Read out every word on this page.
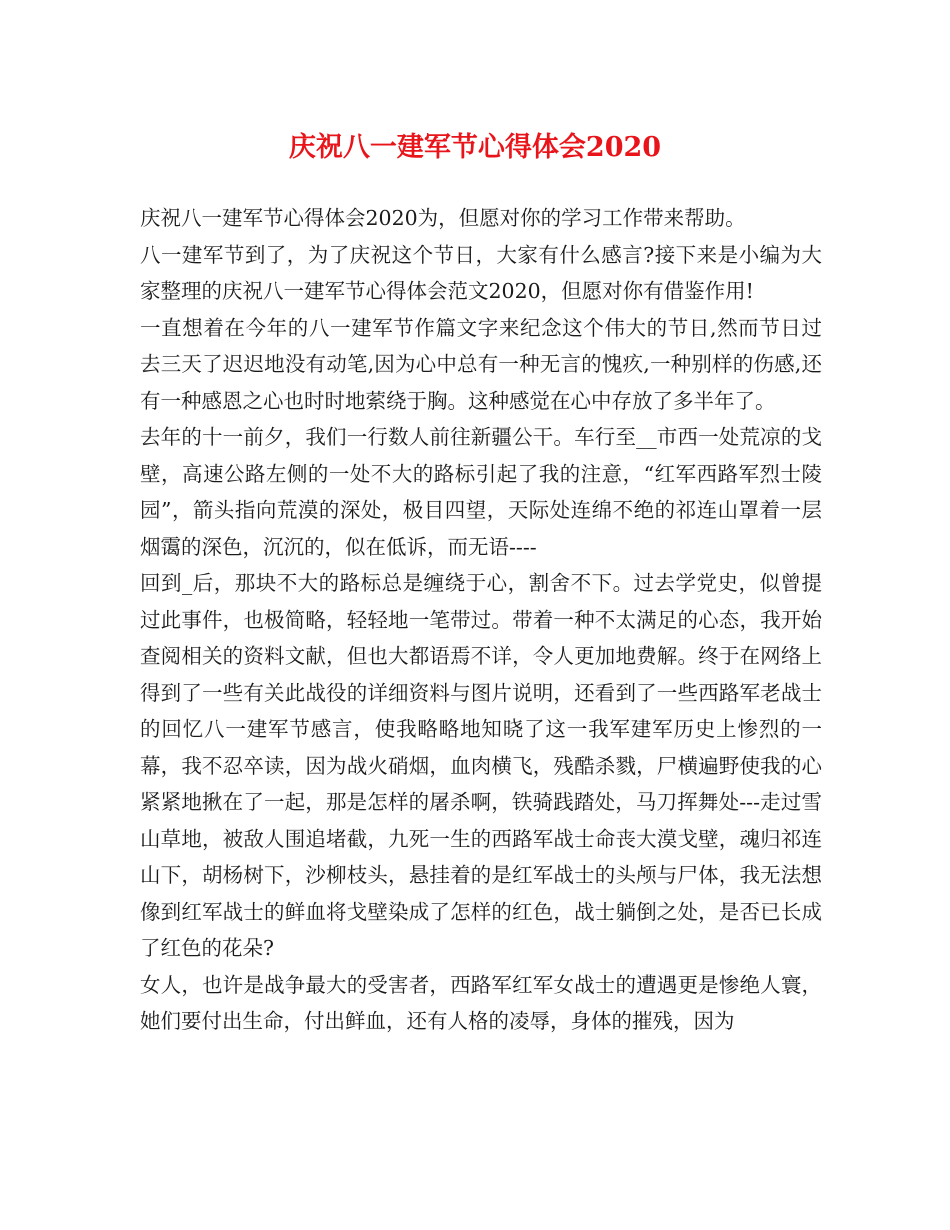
庆祝八一建军节心得体会2020

庆祝八一建军节心得体会2020为，但愿对你的学习工作带来帮助。

八一建军节到了，为了庆祝这个节日，大家有什么感言?接下来是小编为大家整理的庆祝八一建军节心得体会范文2020，但愿对你有借鉴作用!

一直想着在今年的八一建军节作篇文字来纪念这个伟大的节日,然而节日过去三天了迟迟地没有动笔,因为心中总有一种无言的愧疚,一种别样的伤感,还有一种感恩之心也时时地萦绕于胸。这种感觉在心中存放了多半年了。

去年的十一前夕，我们一行数人前往新疆公干。车行至__市西一处荒凉的戈壁，高速公路左侧的一处不大的路标引起了我的注意，“红军西路军烈士陵园”，箭头指向荒漠的深处，极目四望，天际处连绵不绝的祁连山罩着一层烟霭的深色，沉沉的，似在低诉，而无语----

回到_后，那块不大的路标总是缠绕于心，割舍不下。过去学党史，似曾提过此事件，也极简略，轻轻地一笔带过。带着一种不太满足的心态，我开始查阅相关的资料文献，但也大都语焉不详，令人更加地费解。终于在网络上得到了一些有关此战役的详细资料与图片说明，还看到了一些西路军老战士的回忆八一建军节感言，使我略略地知晓了这一我军建军历史上惨烈的一幕，我不忍卒读，因为战火硝烟，血肉横飞，残酷杀戮，尸横遍野使我的心紧紧地揪在了一起，那是怎样的屠杀啊，铁骑践踏处，马刀挥舞处---走过雪山草地，被敌人围追堵截，九死一生的西路军战士命丧大漠戈壁，魂归祁连山下，胡杨树下，沙柳枝头，悬挂着的是红军战士的头颅与尸体，我无法想像到红军战士的鲜血将戈壁染成了怎样的红色，战士躺倒之处，是否已长成了红色的花朵?

女人，也许是战争最大的受害者，西路军红军女战士的遭遇更是惨绝人寰，她们要付出生命，付出鲜血，还有人格的凌辱，身体的摧残，因为
